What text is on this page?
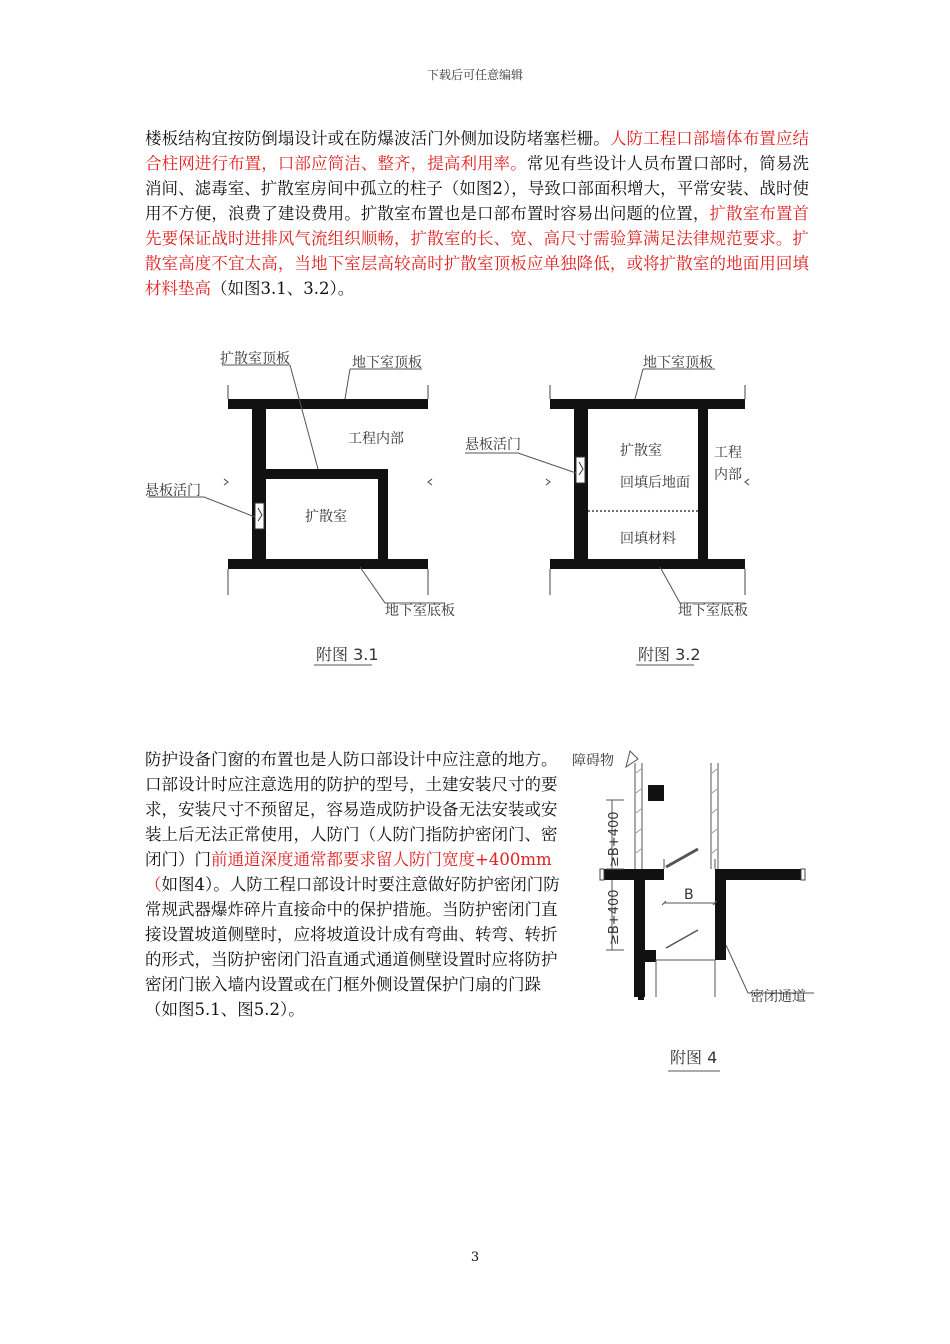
下载后可任意编辑

楼板结构宜按防倒塌设计或在防爆波活门外侧加设防堵塞栏栅。人防工程口部墙体布置应结合柱网进行布置，口部应简洁、整齐，提高利用率。常见有些设计人员布置口部时，简易洗消间、滤毒室、扩散室房间中孤立的柱子（如图2），导致口部面积增大，平常安装、战时使用不方便，浪费了建设费用。扩散室布置也是口部布置时容易出问题的位置，扩散室布置首先要保证战时进排风气流组织顺畅，扩散室的长、宽、高尺寸需验算满足法律规范要求。扩散室高度不宜太高，当地下室层高较高时扩散室顶板应单独降低，或将扩散室的地面用回填材料垫高（如图3.1、3.2）。

扩散室顶板	地下室顶板
工程内部
悬板活门
扩散室
地下室底板
附图 3.1
地下室顶板
悬板活门	扩散室
回填后地面
回填材料
工程
内部
地下室底板
附图 3.2

防护设备门窗的布置也是人防口部设计中应注意的地方。口部设计时应注意选用的防护的型号，土建安装尺寸的要求，安装尺寸不预留足，容易造成防护设备无法安装或安装上后无法正常使用，人防门（人防门指防护密闭门、密闭门）门前通道深度通常都要求留人防门宽度+400mm（如图4）。人防工程口部设计时要注意做好防护密闭门防常规武器爆炸碎片直接命中的保护措施。当防护密闭门直接设置坡道侧壁时，应将坡道设计成有弯曲、转弯、转折的形式，当防护密闭门沿直通式通道侧壁设置时应将防护密闭门嵌入墙内设置或在门框外侧设置保护门扇的门跺（如图5.1、图5.2）。

障碍物
≥B+400
≥B+400	B
密闭通道
附图 4
3
